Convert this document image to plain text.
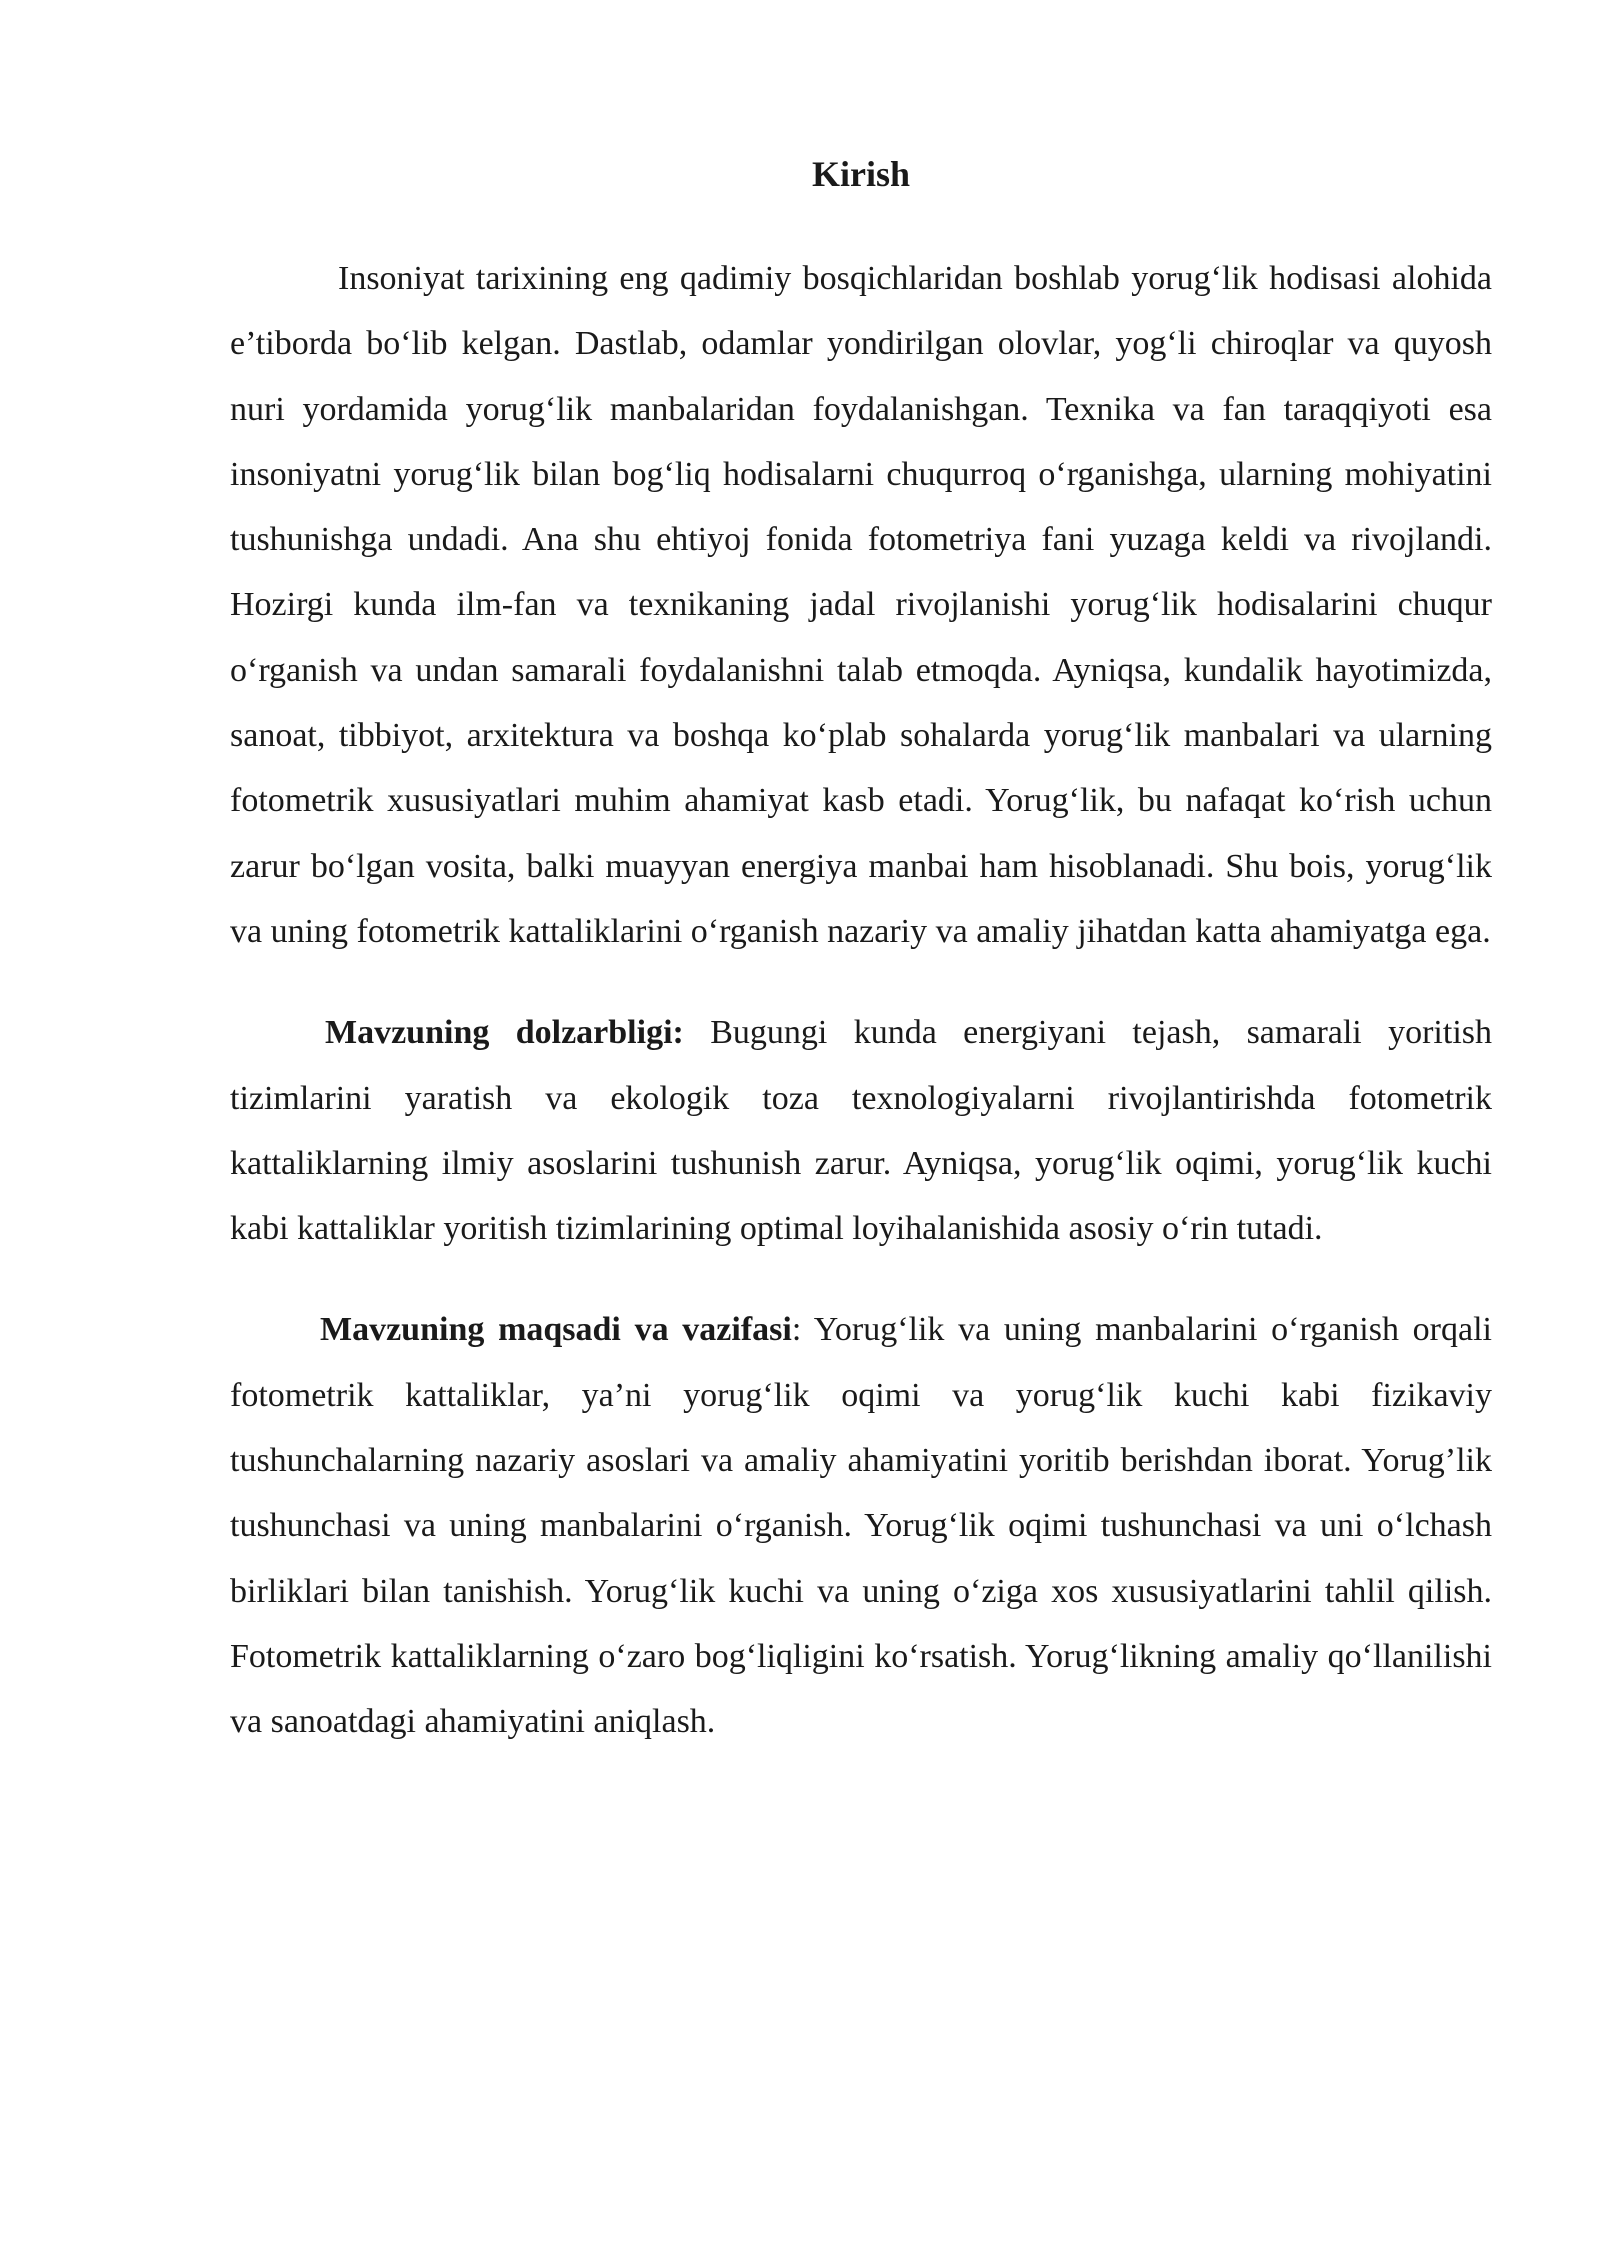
Kirish

Insoniyat tarixining eng qadimiy bosqichlaridan boshlab yorug‘lik hodisasi alohida e’tiborda bo‘lib kelgan. Dastlab, odamlar yondirilgan olovlar, yog‘li chiroqlar va quyosh nuri yordamida yorug‘lik manbalaridan foydalanishgan. Texnika va fan taraqqiyoti esa insoniyatni yorug‘lik bilan bog‘liq hodisalarni chuqurroq o‘rganishga, ularning mohiyatini tushunishga undadi. Ana shu ehtiyoj fonida fotometriya fani yuzaga keldi va rivojlandi. Hozirgi kunda ilm-fan va texnikaning jadal rivojlanishi yorug‘lik hodisalarini chuqur o‘rganish va undan samarali foydalanishni talab etmoqda. Ayniqsa, kundalik hayotimizda, sanoat, tibbiyot, arxitektura va boshqa ko‘plab sohalarda yorug‘lik manbalari va ularning fotometrik xususiyatlari muhim ahamiyat kasb etadi. Yorug‘lik, bu nafaqat ko‘rish uchun zarur bo‘lgan vosita, balki muayyan energiya manbai ham hisoblanadi. Shu bois, yorug‘lik va uning fotometrik kattaliklarini o‘rganish nazariy va amaliy jihatdan katta ahamiyatga ega.

Mavzuning dolzarbligi: Bugungi kunda energiyani tejash, samarali yoritish tizimlarini yaratish va ekologik toza texnologiyalarni rivojlantirishda fotometrik kattaliklarning ilmiy asoslarini tushunish zarur. Ayniqsa, yorug‘lik oqimi, yorug‘lik kuchi kabi kattaliklar yoritish tizimlarining optimal loyihalanishida asosiy o‘rin tutadi.

Mavzuning maqsadi va vazifasi: Yorug‘lik va uning manbalarini o‘rganish orqali fotometrik kattaliklar, ya’ni yorug‘lik oqimi va yorug‘lik kuchi kabi fizikaviy tushunchalarning nazariy asoslari va amaliy ahamiyatini yoritib berishdan iborat. Yorug’lik tushunchasi va uning manbalarini o‘rganish. Yorug‘lik oqimi tushunchasi va uni o‘lchash birliklari bilan tanishish. Yorug‘lik kuchi va uning o‘ziga xos xususiyatlarini tahlil qilish. Fotometrik kattaliklarning o‘zaro bog‘liqligini ko‘rsatish. Yorug‘likning amaliy qo‘llanilishi va sanoatdagi ahamiyatini aniqlash.
